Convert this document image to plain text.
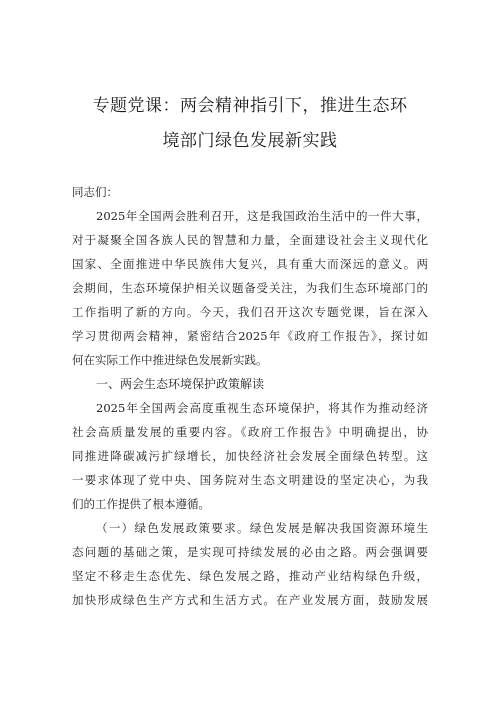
专题党课：两会精神指引下，推进生态环
境部门绿色发展新实践
同志们：
2025年全国两会胜利召开，这是我国政治生活中的一件大事，
对于凝聚全国各族人民的智慧和力量，全面建设社会主义现代化
国家、全面推进中华民族伟大复兴，具有重大而深远的意义。两
会期间，生态环境保护相关议题备受关注，为我们生态环境部门的
工作指明了新的方向。今天，我们召开这次专题党课，旨在深入
学习贯彻两会精神，紧密结合2025年《政府工作报告》，探讨如
何在实际工作中推进绿色发展新实践。
一、两会生态环境保护政策解读
2025年全国两会高度重视生态环境保护，将其作为推动经济
社会高质量发展的重要内容。《政府工作报告》中明确提出，协
同推进降碳减污扩绿增长，加快经济社会发展全面绿色转型。这
一要求体现了党中央、国务院对生态文明建设的坚定决心，为我
们的工作提供了根本遵循。
（一）绿色发展政策要求。绿色发展是解决我国资源环境生
态问题的基础之策，是实现可持续发展的必由之路。两会强调要
坚定不移走生态优先、绿色发展之路，推动产业结构绿色升级，
加快形成绿色生产方式和生活方式。在产业发展方面，鼓励发展
